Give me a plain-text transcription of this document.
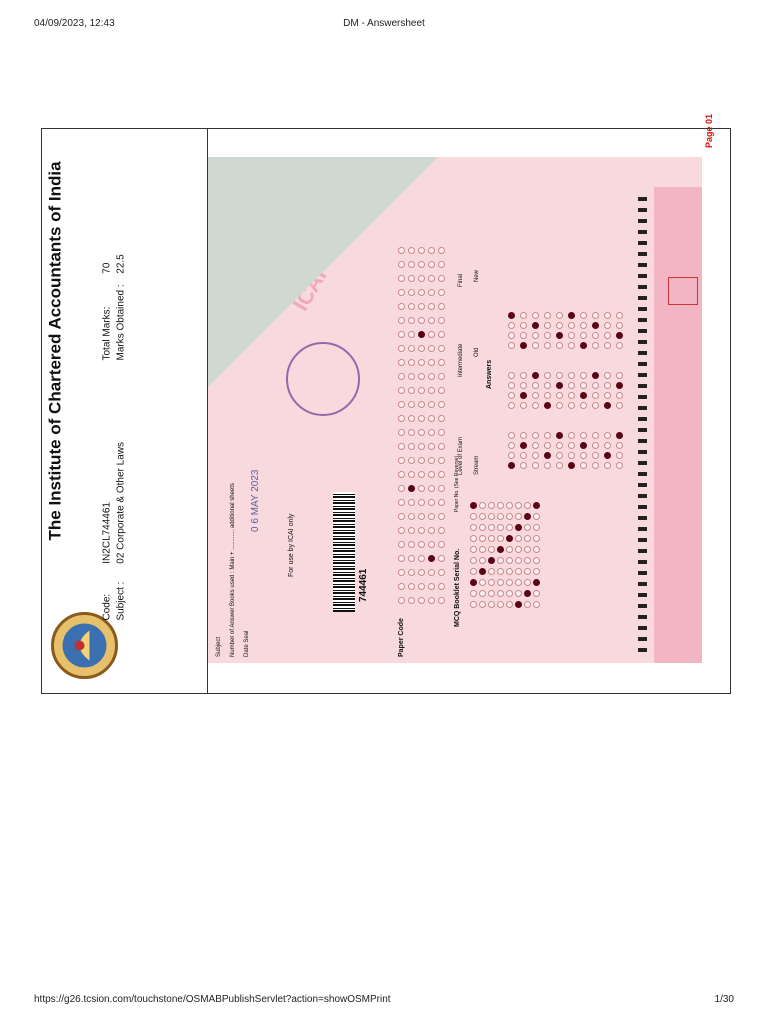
04/09/2023, 12:43	DM - Answersheet
The Institute of Chartered Accountants of India
Code: IN2CL744461
Subject : 02 Corporate & Other Laws
Total Marks: 70
Marks Obtained : 22.5
ICAI
744461
For use by ICAI only
0 6 MAY 2023
Subject Number of Answer Books used : Main + ............ additional sheets Date Seal	Paper Code
MCQ Booklet Serial No.
Paper No. (See Reverse)
Level of Exam Stream
Intermediate
Final
Old
New
Answers
Page 01
https://g26.tcsion.com/touchstone/OSMABPublishServlet?action=showOSMPrint	1/30
